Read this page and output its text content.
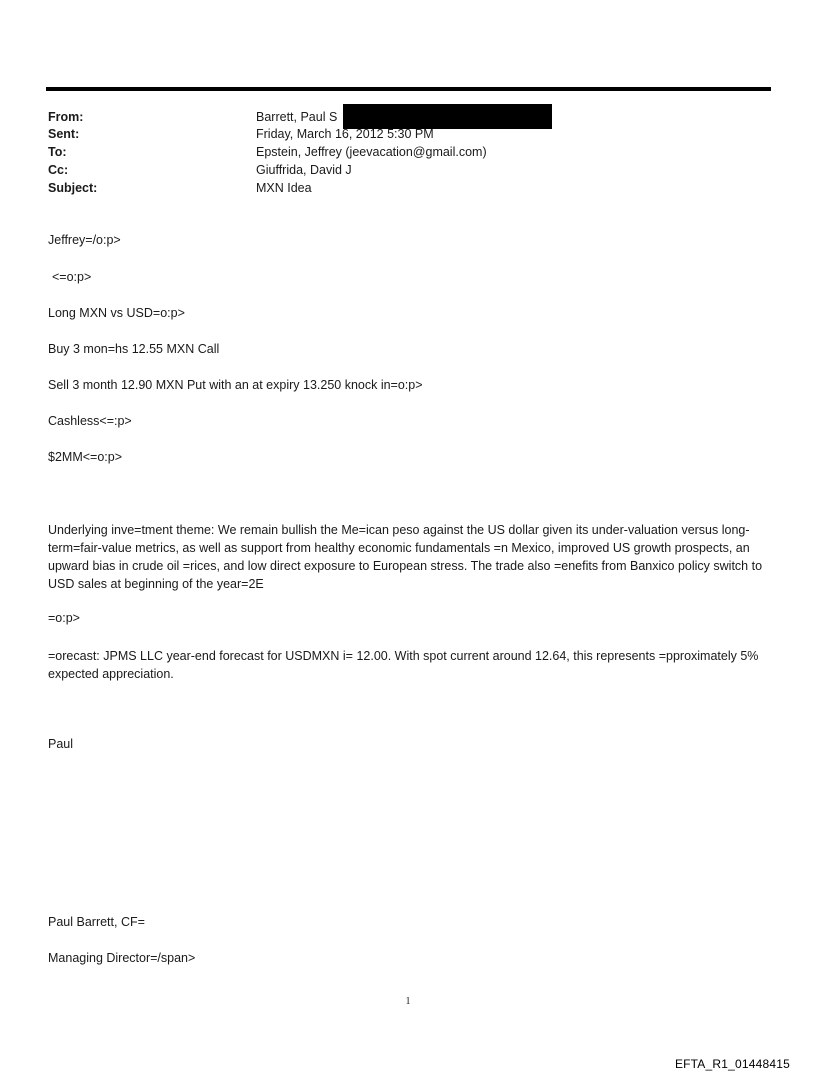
From:	Barrett, Paul S
Sent:	Friday, March 16, 2012 5:30 PM
To:	Epstein, Jeffrey (jeevacation@gmail.com)
Cc:	Giuffrida, David J
Subject:	MXN Idea
Jeffrey=/o:p>
<=o:p>
Long MXN vs USD=o:p>
Buy 3 mon=hs 12.55 MXN Call
Sell 3 month 12.90 MXN Put with an at expiry 13.250 knock in=o:p>
Cashless<=:p>
$2MM<=o:p>
Underlying inve=tment theme: We remain bullish the Me=ican peso against the US dollar given its under-valuation versus long-term=fair-value metrics, as well as support from healthy economic fundamentals =n Mexico, improved US growth prospects, an upward bias in crude oil =rices, and low direct exposure to European stress. The trade also =enefits from Banxico policy switch to USD sales at beginning of the year=2E
=o:p>
=orecast: JPMS LLC year-end forecast for USDMXN i= 12.00. With spot current around 12.64, this represents =pproximately 5% expected appreciation.
Paul
Paul Barrett, CF=
Managing Director=/span>
1
EFTA_R1_01448415
